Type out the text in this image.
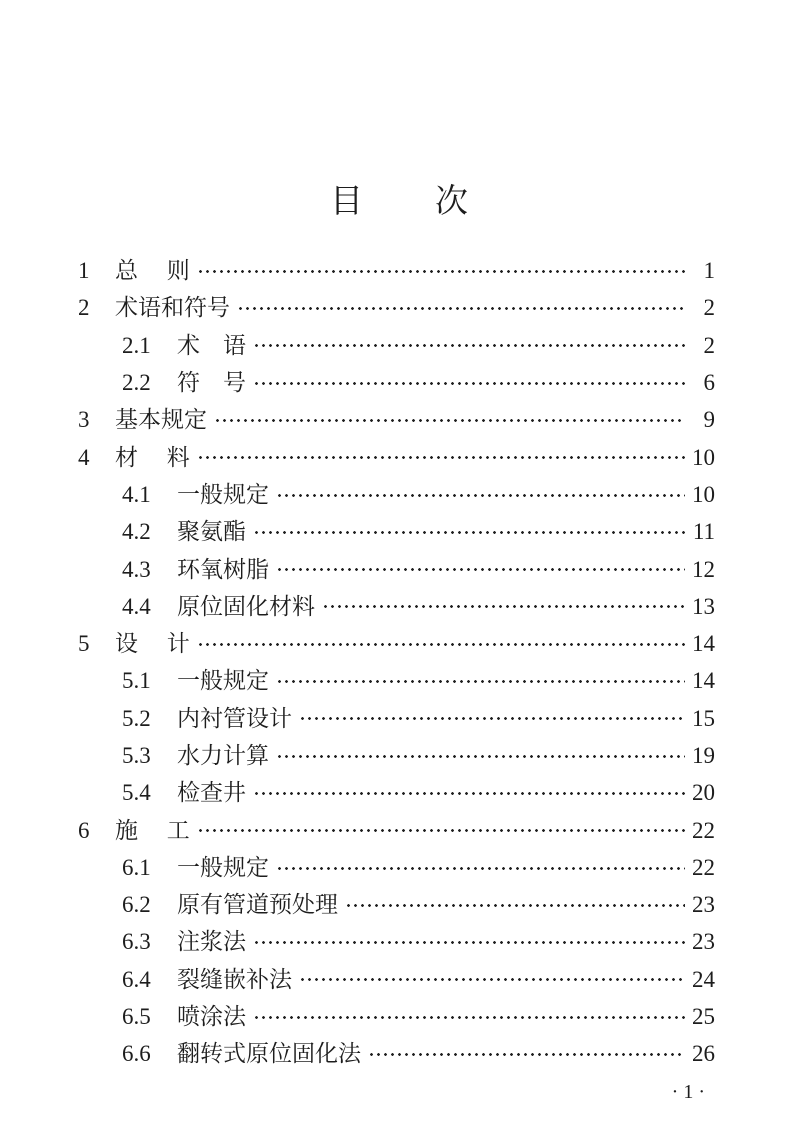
目　　次
1	总　 则	1
2	术语和符号	2
2.1	术　语	2
2.2	符　号	6
3	基本规定	9
4	材　 料	10
4.1	一般规定	10
4.2	聚氨酯	11
4.3	环氧树脂	12
4.4	原位固化材料	13
5	设　 计	14
5.1	一般规定	14
5.2	内衬管设计	15
5.3	水力计算	19
5.4	检查井	20
6	施　 工	22
6.1	一般规定	22
6.2	原有管道预处理	23
6.3	注浆法	23
6.4	裂缝嵌补法	24
6.5	喷涂法	25
6.6	翻转式原位固化法	26
· 1 ·
